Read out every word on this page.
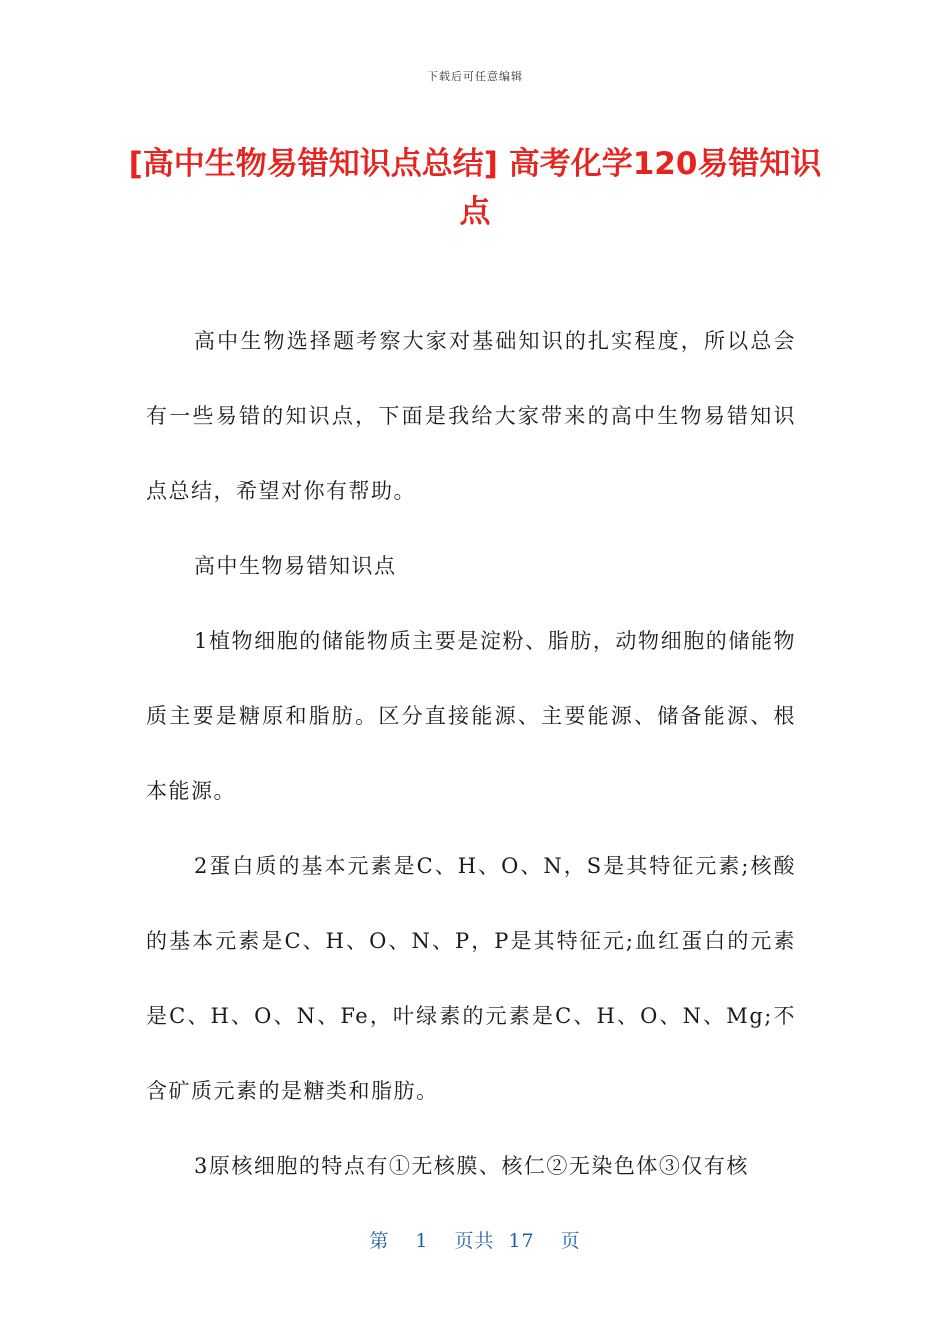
下载后可任意编辑
[高中生物易错知识点总结] 高考化学120易错知识点

高中生物选择题考察大家对基础知识的扎实程度，所以总会有一些易错的知识点，下面是我给大家带来的高中生物易错知识点总结，希望对你有帮助。

高中生物易错知识点

1植物细胞的储能物质主要是淀粉、脂肪，动物细胞的储能物质主要是糖原和脂肪。区分直接能源、主要能源、储备能源、根本能源。

2蛋白质的基本元素是C、H、O、N，S是其特征元素;核酸的基本元素是C、H、O、N、P，P是其特征元;血红蛋白的元素是C、H、O、N、Fe，叶绿素的元素是C、H、O、N、Mg;不含矿质元素的是糖类和脂肪。

3原核细胞的特点有①无核膜、核仁②无染色体③仅有核

第 1 页共 17 页
